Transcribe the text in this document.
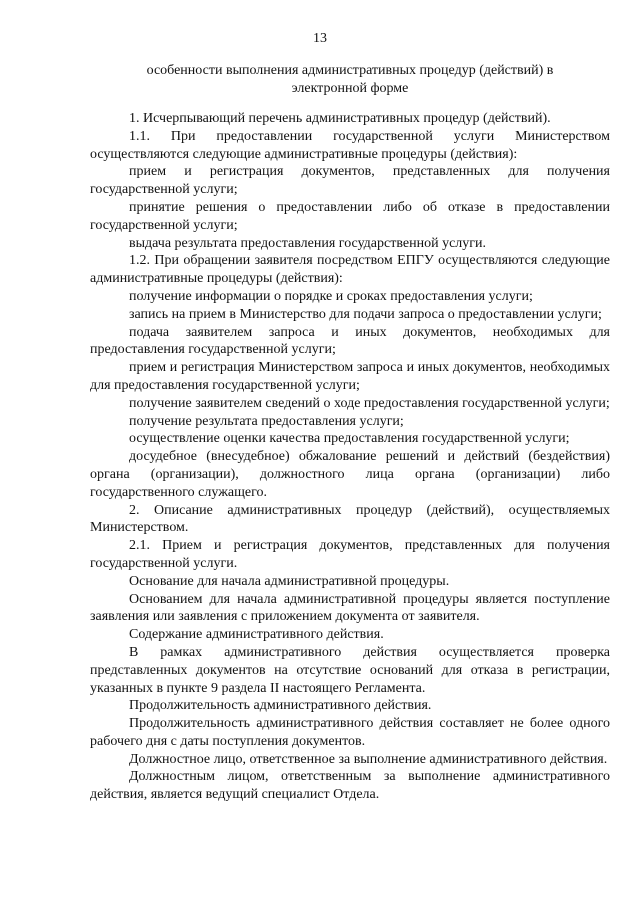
13
особенности выполнения административных процедур (действий) в
электронной форме

1. Исчерпывающий перечень административных процедур (действий).

1.1. При предоставлении государственной услуги Министерством осуществляются следующие административные процедуры (действия):

прием и регистрация документов, представленных для получения государственной услуги;

принятие решения о предоставлении либо об отказе в предоставлении государственной услуги;

выдача результата предоставления государственной услуги.

1.2. При обращении заявителя посредством ЕПГУ осуществляются следующие административные процедуры (действия):

получение информации о порядке и сроках предоставления услуги;

запись на прием в Министерство для подачи запроса о предоставлении услуги;

подача заявителем запроса и иных документов, необходимых для предоставления государственной услуги;

прием и регистрация Министерством запроса и иных документов, необходимых для предоставления государственной услуги;

получение заявителем сведений о ходе предоставления государственной услуги;

получение результата предоставления услуги;

осуществление оценки качества предоставления государственной услуги;

досудебное (внесудебное) обжалование решений и действий (бездействия) органа (организации), должностного лица органа (организации) либо государственного служащего.

2. Описание административных процедур (действий), осуществляемых Министерством.

2.1. Прием и регистрация документов, представленных для получения государственной услуги.

Основание для начала административной процедуры.

Основанием для начала административной процедуры является поступление заявления или заявления с приложением документа от заявителя.

Содержание административного действия.

В рамках административного действия осуществляется проверка представленных документов на отсутствие оснований для отказа в регистрации, указанных в пункте 9 раздела II настоящего Регламента.

Продолжительность административного действия.

Продолжительность административного действия составляет не более одного рабочего дня с даты поступления документов.

Должностное лицо, ответственное за выполнение административного действия.

Должностным лицом, ответственным за выполнение административного действия, является ведущий специалист Отдела.
